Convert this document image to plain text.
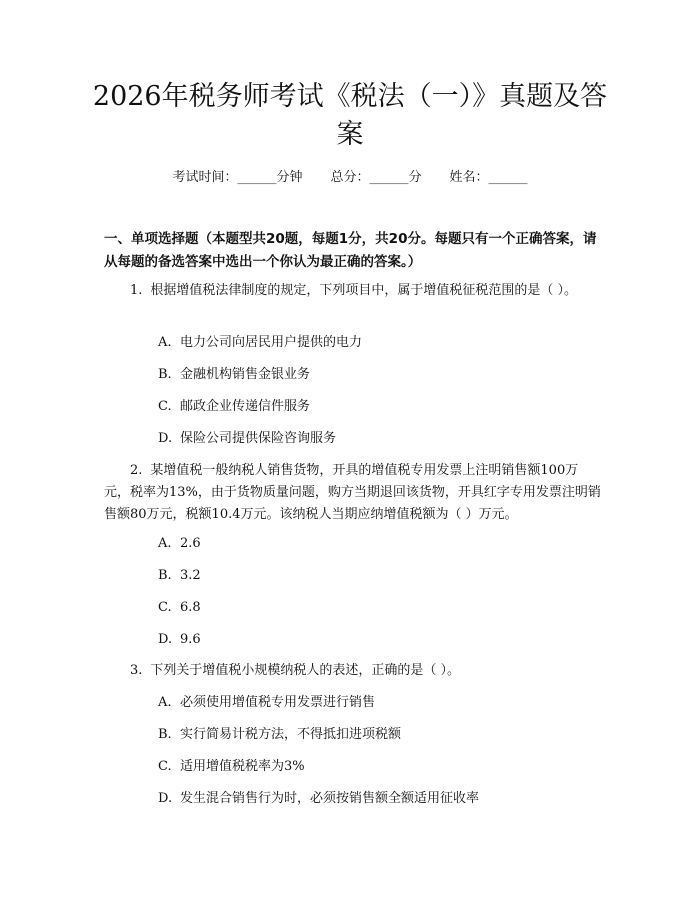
2026年税务师考试《税法（一）》真题及答案
考试时间：______分钟 总分：______分 姓名：______

一、单项选择题（本题型共20题，每题1分，共20分。每题只有一个正确答案，请从每题的备选答案中选出一个你认为最正确的答案。）

1. 根据增值税法律制度的规定，下列项目中，属于增值税征税范围的是（ ）。

A. 电力公司向居民用户提供的电力
B. 金融机构销售金银业务
C. 邮政企业传递信件服务
D. 保险公司提供保险咨询服务

2. 某增值税一般纳税人销售货物，开具的增值税专用发票上注明销售额100万元，税率为13%，由于货物质量问题，购方当期退回该货物，开具红字专用发票注明销售额80万元，税额10.4万元。该纳税人当期应纳增值税额为（ ）万元。

A. 2.6
B. 3.2
C. 6.8
D. 9.6

3. 下列关于增值税小规模纳税人的表述，正确的是（ ）。

A. 必须使用增值税专用发票进行销售
B. 实行简易计税方法，不得抵扣进项税额
C. 适用增值税税率为3%
D. 发生混合销售行为时，必须按销售额全额适用征收率
